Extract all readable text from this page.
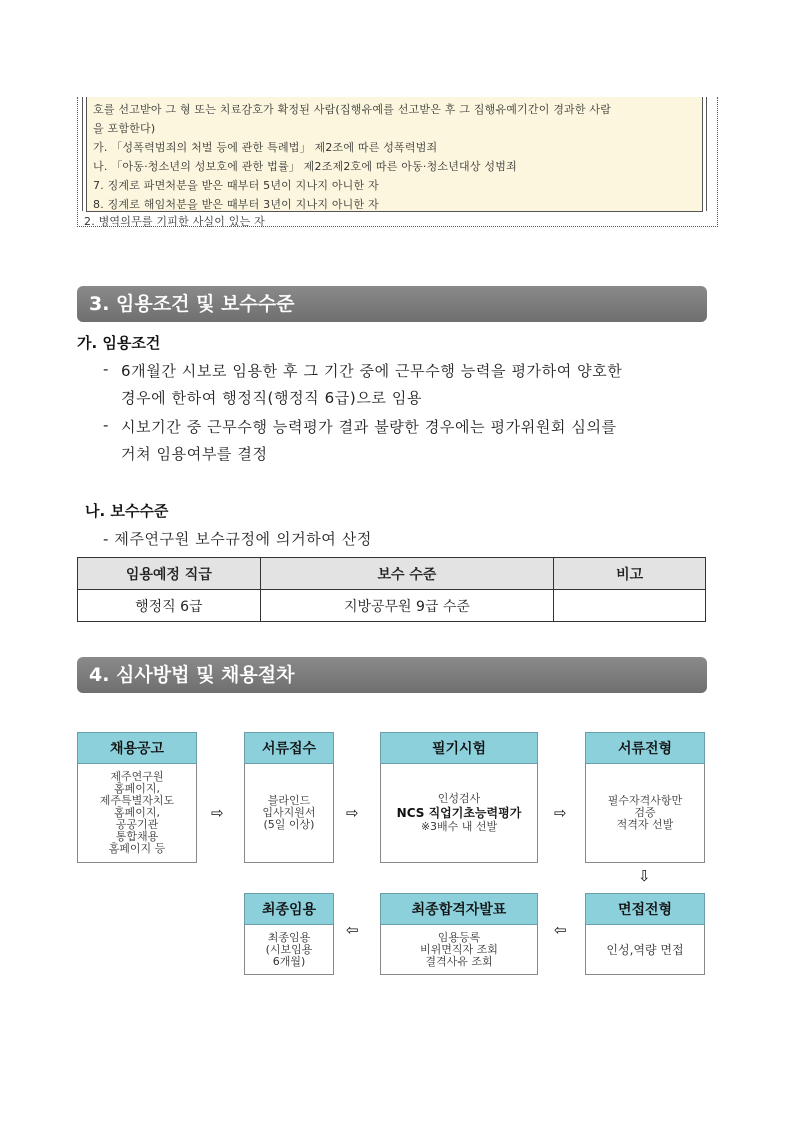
호를 선고받아 그 형 또는 치료감호가 확정된 사람(집행유예를 선고받은 후 그 집행유예기간이 경과한 사람
을 포함한다)
가. 「성폭력범죄의 처벌 등에 관한 특례법」 제2조에 따른 성폭력범죄
나. 「아동·청소년의 성보호에 관한 법률」 제2조제2호에 따른 아동·청소년대상 성범죄
7. 징계로 파면처분을 받은 때부터 5년이 지나지 아니한 자
8. 징계로 해임처분을 받은 때부터 3년이 지나지 아니한 자
2. 병역의무를 기피한 사실이 있는 자
3. 임용조건 및 보수수준
가. 임용조건
- 6개월간 시보로 임용한 후 그 기간 중에 근무수행 능력을 평가하여 양호한
경우에 한하여 행정직(행정직 6급)으로 임용
- 시보기간 중 근무수행 능력평가 결과 불량한 경우에는 평가위원회 심의를
거쳐 임용여부를 결정
나. 보수수준
- 제주연구원 보수규정에 의거하여 산정
임용예정 직급	보수 수준	비고
행정직 6급	지방공무원 9급 수준	
4. 심사방법 및 채용절차
채용공고
제주연구원
홈페이지,
제주특별자치도
홈페이지,
공공기관
통합채용
홈페이지 등
⇨
서류접수
블라인드
입사지원서
(5일 이상)
⇨
필기시험
인성검사
NCS 직업기초능력평가
※3배수 내 선발
⇨
서류전형
필수자격사항만
검증
적격자 선발
⇩
최종임용
최종임용
(시보임용
6개월)
⇦
최종합격자발표
임용등록
비위면직자 조회
결격사유 조회
⇦
면접전형
인성,역량 면접
